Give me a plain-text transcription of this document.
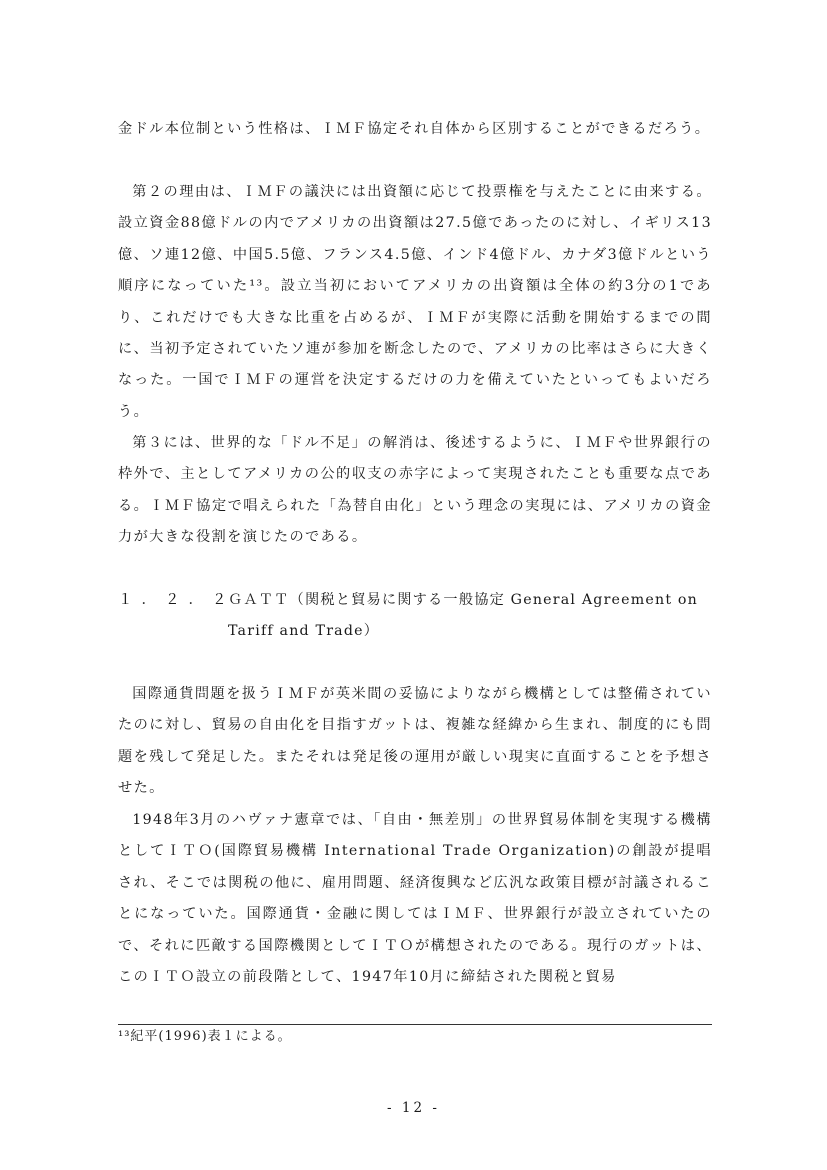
金ドル本位制という性格は、ＩＭＦ協定それ自体から区別することができるだろう。

第２の理由は、ＩＭＦの議決には出資額に応じて投票権を与えたことに由来する。設立資金88億ドルの内でアメリカの出資額は27.5億であったのに対し、イギリス13億、ソ連12億、中国5.5億、フランス4.5億、インド4億ドル、カナダ3億ドルという順序になっていた¹³。設立当初においてアメリカの出資額は全体の約3分の1であり、これだけでも大きな比重を占めるが、ＩＭＦが実際に活動を開始するまでの間に、当初予定されていたソ連が参加を断念したので、アメリカの比率はさらに大きくなった。一国でＩＭＦの運営を決定するだけの力を備えていたといってもよいだろう。

第３には、世界的な「ドル不足」の解消は、後述するように、ＩＭＦや世界銀行の枠外で、主としてアメリカの公的収支の赤字によって実現されたことも重要な点である。ＩＭＦ協定で唱えられた「為替自由化」という理念の実現には、アメリカの資金力が大きな役割を演じたのである。

１．２．２

ＧＡＴＴ（関税と貿易に関する一般協定 General Agreement on Tariff and Trade）

国際通貨問題を扱うＩＭＦが英米間の妥協によりながら機構としては整備されていたのに対し、貿易の自由化を目指すガットは、複雑な経緯から生まれ、制度的にも問題を残して発足した。またそれは発足後の運用が厳しい現実に直面することを予想させた。

1948年3月のハヴァナ憲章では、「自由・無差別」の世界貿易体制を実現する機構としてＩＴＯ(国際貿易機構 International Trade Organization)の創設が提唱され、そこでは関税の他に、雇用問題、経済復興など広汎な政策目標が討議されることになっていた。国際通貨・金融に関してはＩＭＦ、世界銀行が設立されていたので、それに匹敵する国際機関としてＩＴＯが構想されたのである。現行のガットは、このＩＴＯ設立の前段階として、1947年10月に締結された関税と貿易

¹³紀平(1996)表１による。

- 12 -
